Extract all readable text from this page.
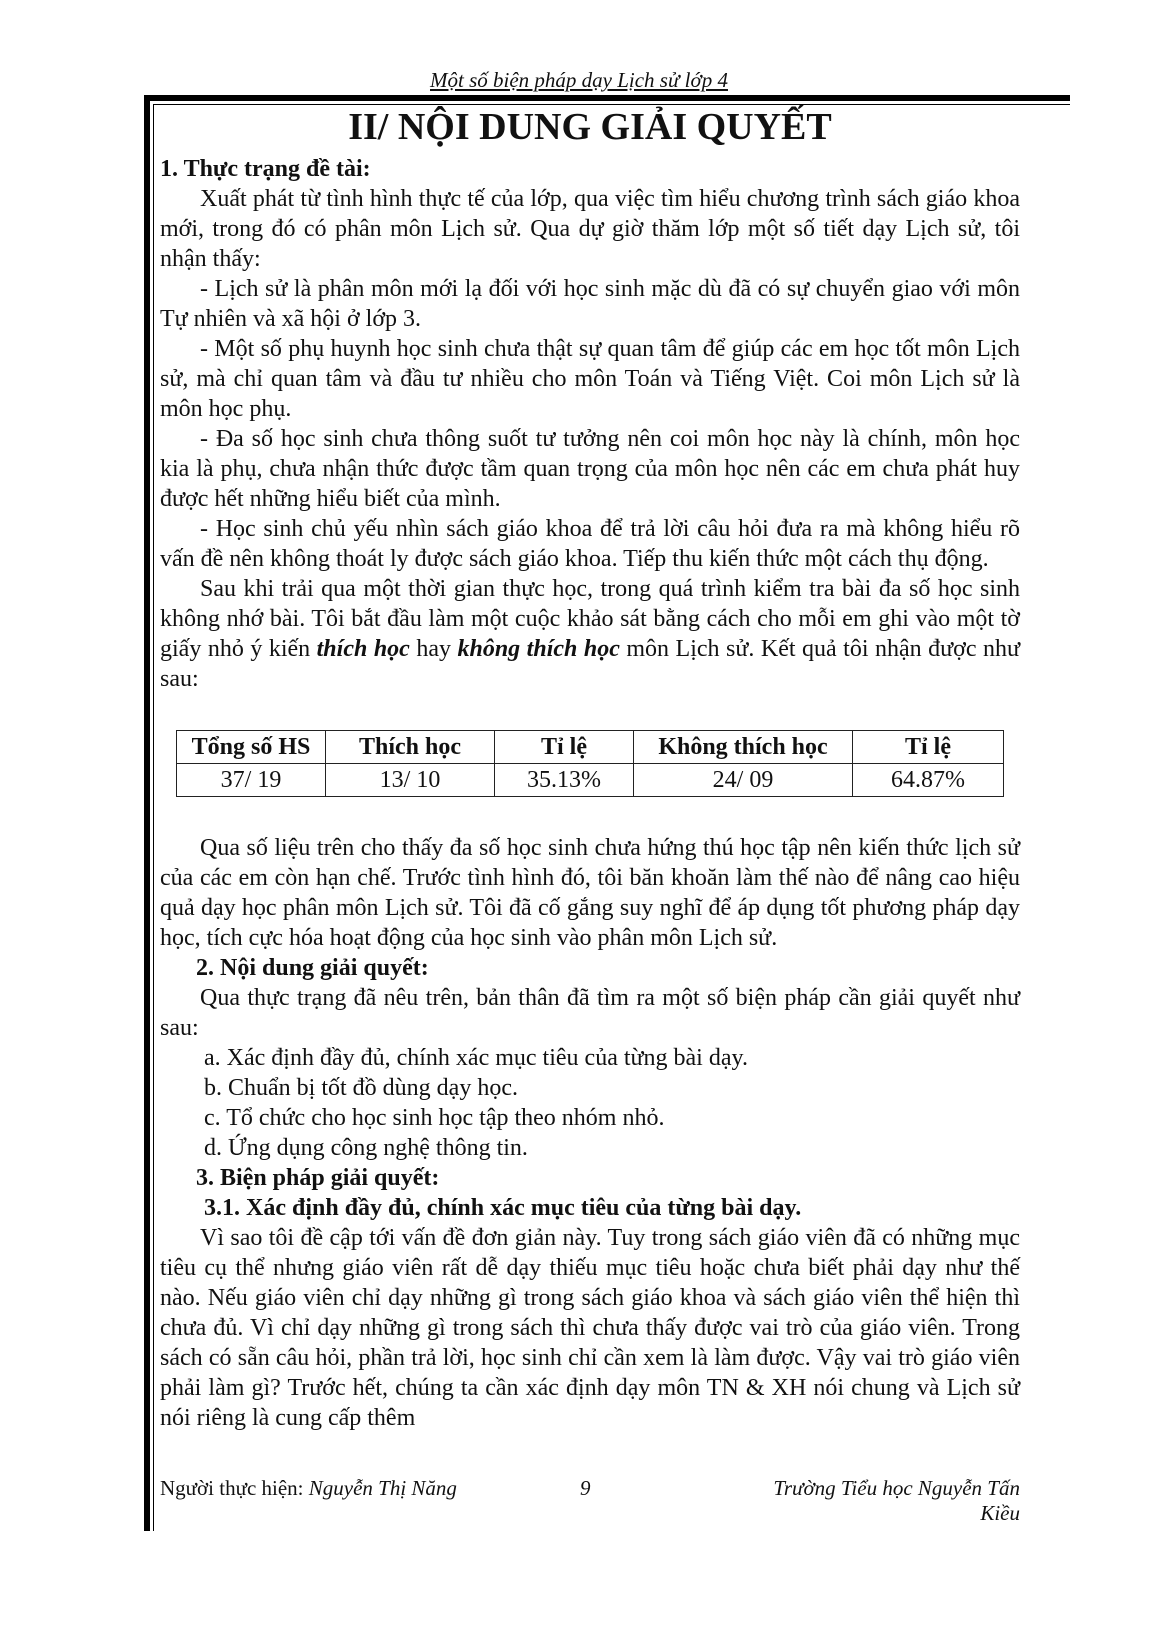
Một số biện pháp dạy Lịch sử lớp 4
II/ NỘI DUNG GIẢI QUYẾT

1. Thực trạng đề tài:

Xuất phát từ tình hình thực tế của lớp, qua việc tìm hiểu chương trình sách giáo khoa mới, trong đó có phân môn Lịch sử. Qua dự giờ thăm lớp một số tiết dạy Lịch sử, tôi nhận thấy:

- Lịch sử là phân môn mới lạ đối với học sinh mặc dù đã có sự chuyển giao với môn Tự nhiên và xã hội ở lớp 3.

- Một số phụ huynh học sinh chưa thật sự quan tâm để giúp các em học tốt môn Lịch sử, mà chỉ quan tâm và đầu tư nhiều cho môn Toán và Tiếng Việt. Coi môn Lịch sử là môn học phụ.

- Đa số học sinh chưa thông suốt tư tưởng nên coi môn học này là chính, môn học kia là phụ, chưa nhận thức được tầm quan trọng của môn học nên các em chưa phát huy được hết những hiểu biết của mình.

- Học sinh chủ yếu nhìn sách giáo khoa để trả lời câu hỏi đưa ra mà không hiểu rõ vấn đề nên không thoát ly được sách giáo khoa. Tiếp thu kiến thức một cách thụ động.

Sau khi trải qua một thời gian thực học, trong quá trình kiểm tra bài đa số học sinh không nhớ bài. Tôi bắt đầu làm một cuộc khảo sát bằng cách cho mỗi em ghi vào một tờ giấy nhỏ ý kiến thích học hay không thích học môn Lịch sử. Kết quả tôi nhận được như sau:

Tổng số HS	Thích học	Tỉ lệ	Không thích học	Tỉ lệ
37/ 19	13/ 10	35.13%	24/ 09	64.87%

Qua số liệu trên cho thấy đa số học sinh chưa hứng thú học tập nên kiến thức lịch sử của các em còn hạn chế. Trước tình hình đó, tôi băn khoăn làm thế nào để nâng cao hiệu quả dạy học phân môn Lịch sử. Tôi đã cố gắng suy nghĩ để áp dụng tốt phương pháp dạy học, tích cực hóa hoạt động của học sinh vào phân môn Lịch sử.

2. Nội dung giải quyết:

Qua thực trạng đã nêu trên, bản thân đã tìm ra một số biện pháp cần giải quyết như sau:

a. Xác định đầy đủ, chính xác mục tiêu của từng bài dạy.

b. Chuẩn bị tốt đồ dùng dạy học.

c. Tổ chức cho học sinh học tập theo nhóm nhỏ.

d. Ứng dụng công nghệ thông tin.

3. Biện pháp giải quyết:

3.1. Xác định đầy đủ, chính xác mục tiêu của từng bài dạy.

Vì sao tôi đề cập tới vấn đề đơn giản này. Tuy trong sách giáo viên đã có những mục tiêu cụ thể nhưng giáo viên rất dễ dạy thiếu mục tiêu hoặc chưa biết phải dạy như thế nào. Nếu giáo viên chỉ dạy những gì trong sách giáo khoa và sách giáo viên thể hiện thì chưa đủ. Vì chỉ dạy những gì trong sách thì chưa thấy được vai trò của giáo viên. Trong sách có sẵn câu hỏi, phần trả lời, học sinh chỉ cần xem là làm được. Vậy vai trò giáo viên phải làm gì? Trước hết, chúng ta cần xác định dạy môn TN & XH nói chung và Lịch sử nói riêng là cung cấp thêm

Người thực hiện: Nguyễn Thị Năng	9	Trường Tiểu học Nguyễn Tấn Kiều
